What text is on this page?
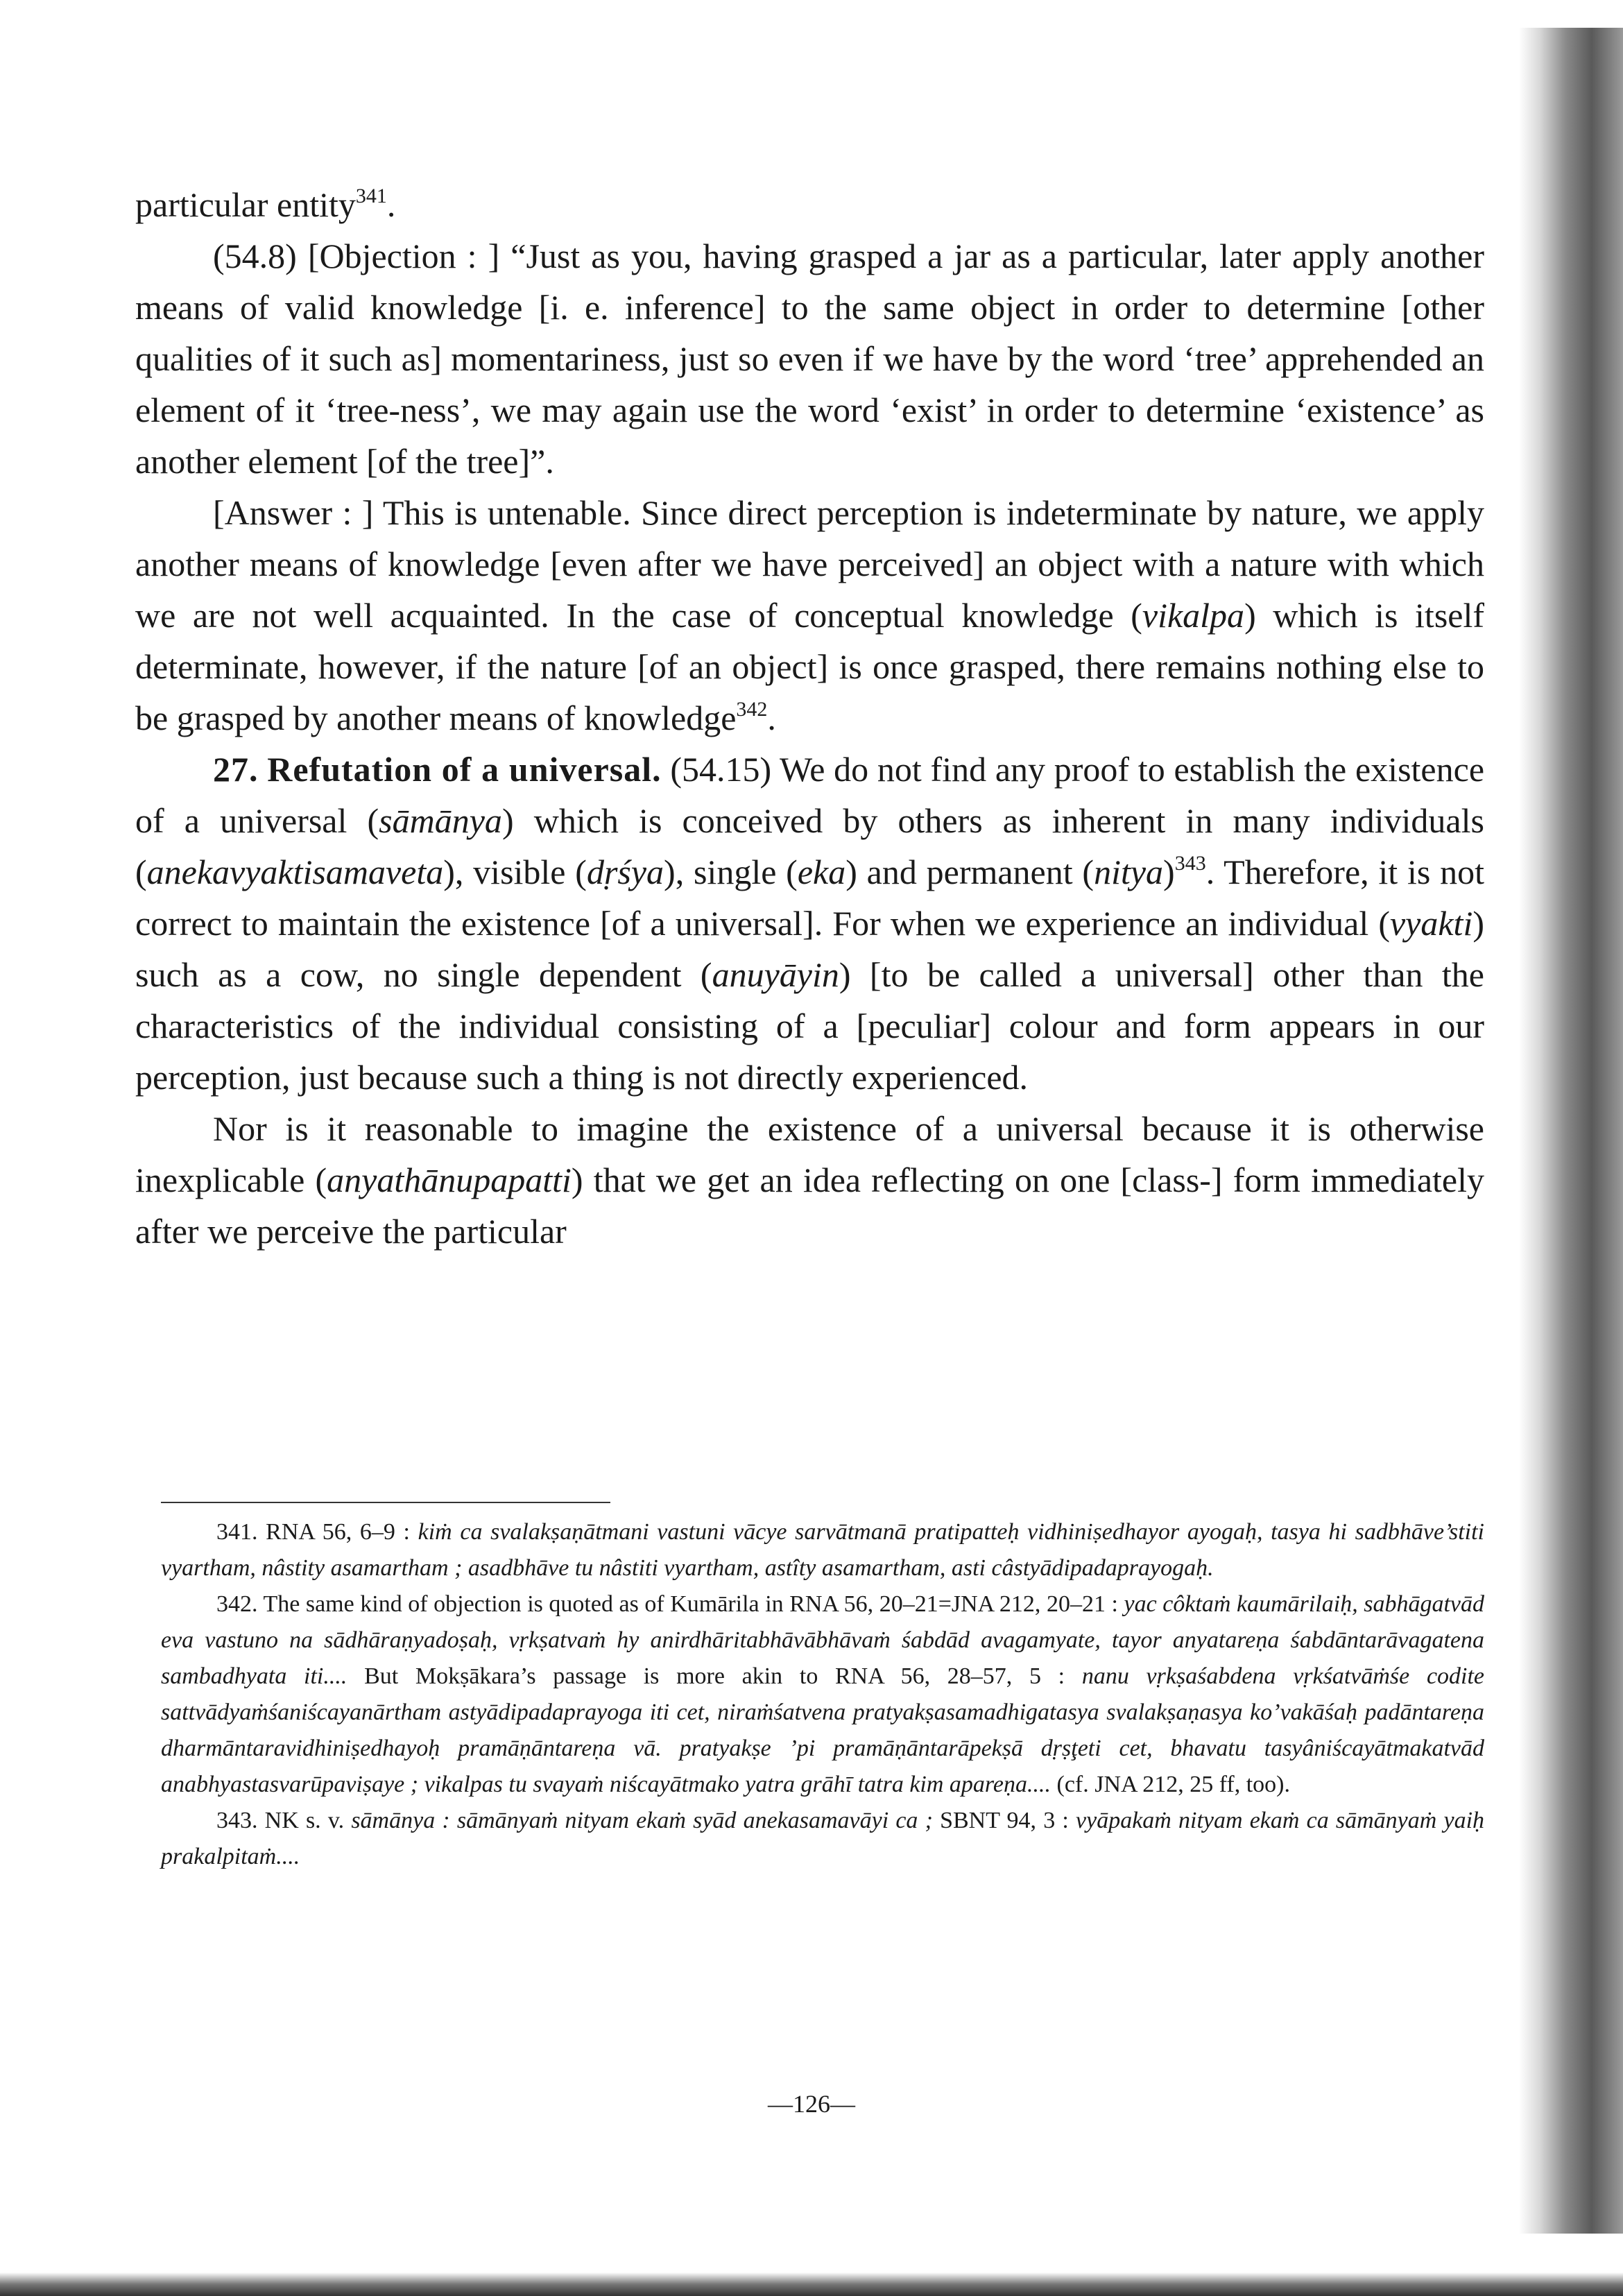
particular entity$^{341}$.

(54.8) [Objection : ] “Just as you, having grasped a jar as a particular, later apply another means of valid knowledge [i. e. inference] to the same object in order to determine [other qualities of it such as] momentariness, just so even if we have by the word ‘tree’ apprehended an element of it ‘tree-ness’, we may again use the word ‘exist’ in order to determine ‘existence’ as another element [of the tree]”.

[Answer : ] This is untenable. Since direct perception is indeterminate by nature, we apply another means of knowledge [even after we have perceived] an object with a nature with which we are not well acquainted. In the case of conceptual knowledge (vikalpa) which is itself determinate, however, if the nature [of an object] is once grasped, there remains nothing else to be grasped by another means of knowledge$^{342}$.

27. Refutation of a universal. (54.15) We do not find any proof to establish the existence of a universal (sāmānya) which is conceived by others as inherent in many individuals (anekavyaktisamaveta), visible (dṛśya), single (eka) and permanent (nitya)$^{343}$. Therefore, it is not correct to maintain the existence [of a universal]. For when we experience an individual (vyakti) such as a cow, no single dependent (anuyāyin) [to be called a universal] other than the characteristics of the individual consisting of a [peculiar] colour and form appears in our perception, just because such a thing is not directly experienced.

Nor is it reasonable to imagine the existence of a universal because it is otherwise inexplicable (anyathānupapatti) that we get an idea reflecting on one [class-] form immediately after we perceive the particular

341. RNA 56, 6–9 : kiṁ ca svalakṣaṇātmani vastuni vācye sarvātmanā pratipatteḥ vidhiniṣedhayor ayogaḥ, tasya hi sadbhāve’stiti vyartham, nâstity asamartham ; asadbhāve tu nâstiti vyartham, astîty asamartham, asti câstyādipadaprayogaḥ.

342. The same kind of objection is quoted as of Kumārila in RNA 56, 20–21=JNA 212, 20–21 : yac côktaṁ kaumārilaiḥ, sabhāgatvād eva vastuno na sādhāraṇyadoṣaḥ, vṛkṣatvaṁ hy anirdhāritabhāvābhāvaṁ śabdād avagamyate, tayor anyatareṇa śabdāntarāvagatena sambadhyata iti.... But Mokṣākara’s passage is more akin to RNA 56, 28–57, 5 : nanu vṛkṣaśabdena vṛkśatvāṁśe codite sattvādyaṁśaniścayanārtham astyādipadaprayoga iti cet, niraṁśatvena pratyakṣasamadhigatasya svalakṣaṇasya ko’vakāśaḥ padāntareṇa dharmāntaravidhiniṣedhayoḥ pramāṇāntareṇa vā. pratyakṣe ’pi pramāṇāntarāpekṣā dṛṣţeti cet, bhavatu tasyâniścayātmakatvād anabhyastasvarūpaviṣaye ; vikalpas tu svayaṁ niścayātmako yatra grāhī tatra kim apareṇa.... (cf. JNA 212, 25 ff, too).

343. NK s. v. sāmānya : sāmānyaṁ nityam ekaṁ syād anekasamavāyi ca ; SBNT 94, 3 : vyāpakaṁ nityam ekaṁ ca sāmānyaṁ yaiḥ prakalpitaṁ....

—126—
